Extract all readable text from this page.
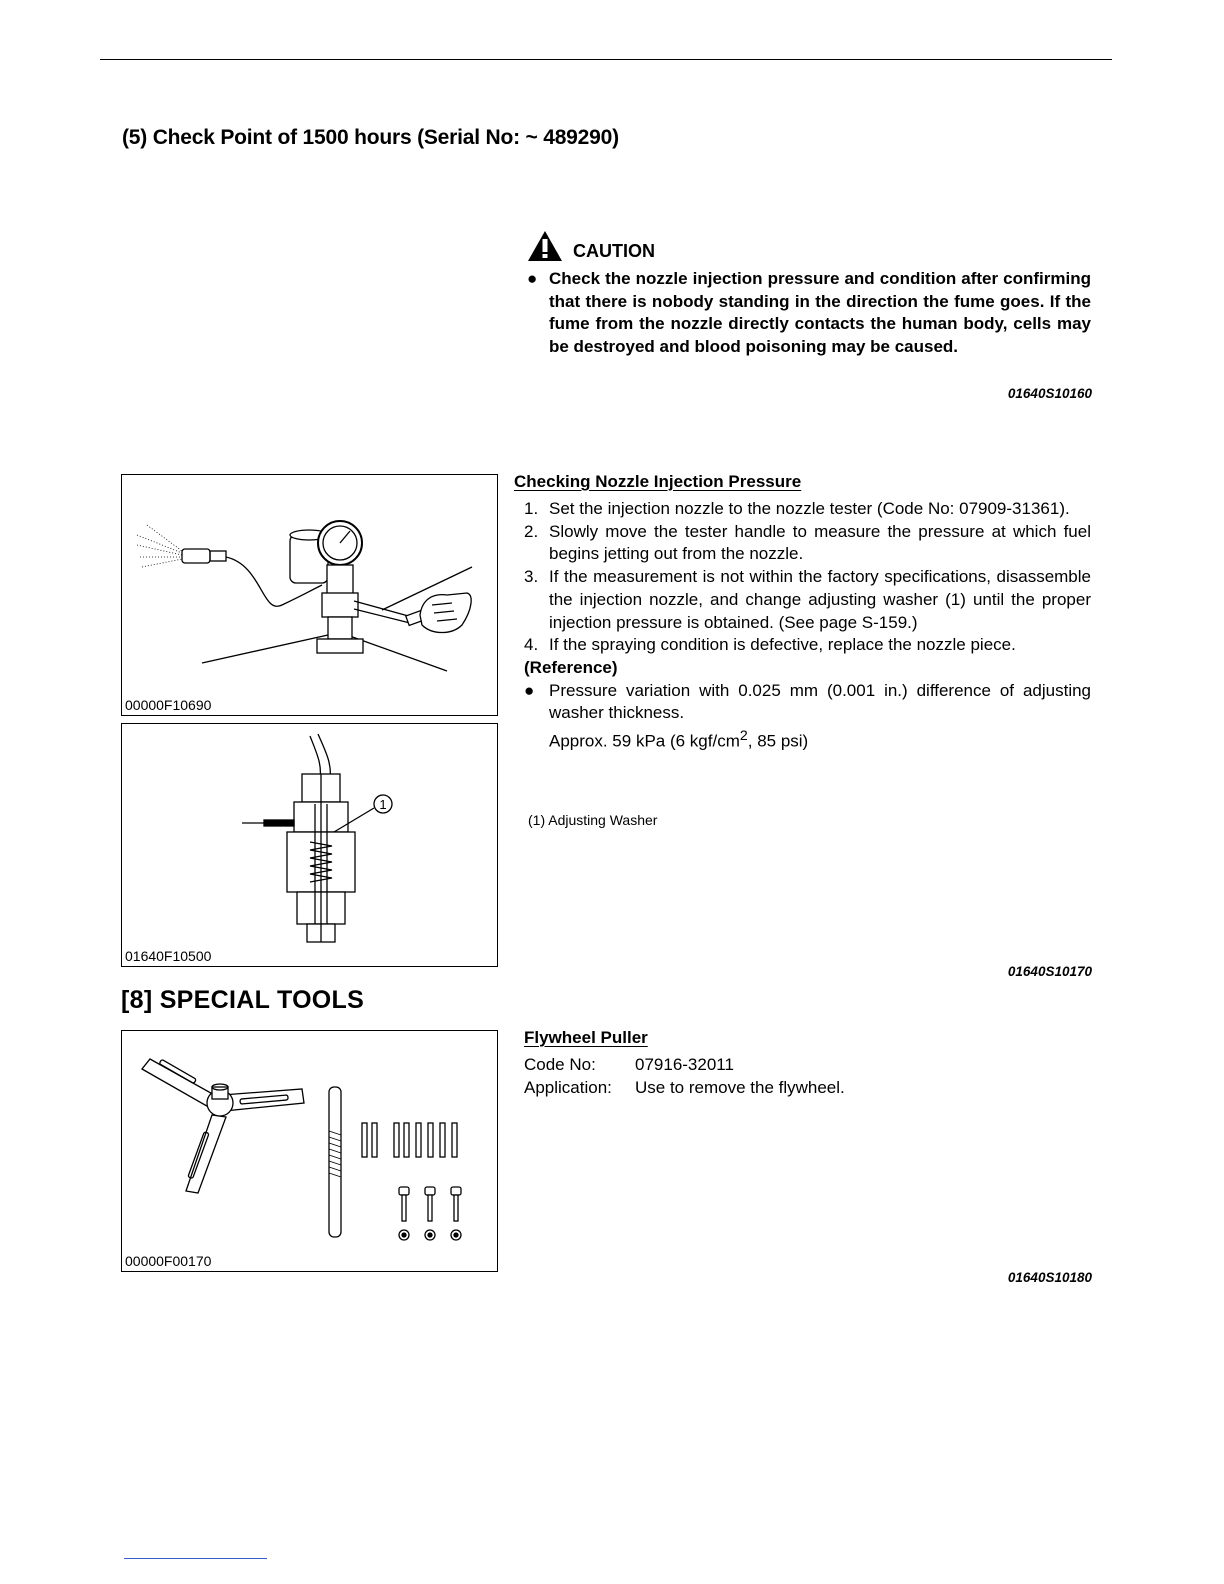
(5) Check Point of 1500 hours (Serial No: ~ 489290)
CAUTION
● Check the nozzle injection pressure and condition after confirming that there is nobody standing in the direction the fume goes. If the fume from the nozzle directly contacts the human body, cells may be destroyed and blood poisoning may be caused.
01640S10160
00000F10690
1
01640F10500
Checking Nozzle Injection Pressure
1. Set the injection nozzle to the nozzle tester (Code No: 07909-31361).
2. Slowly move the tester handle to measure the pressure at which fuel begins jetting out from the nozzle.
3. If the measurement is not within the factory specifications, disassemble the injection nozzle, and change adjusting washer (1) until the proper injection pressure is obtained. (See page S-159.)
4. If the spraying condition is defective, replace the nozzle piece.
(Reference)
● Pressure variation with 0.025 mm (0.001 in.) difference of adjusting washer thickness.
Approx. 59 kPa (6 kgf/$cm^2$, 85 psi)
(1) Adjusting Washer
01640S10170
[8] SPECIAL TOOLS
00000F00170
Flywheel Puller
Code No:	07916-32011
Application:	Use to remove the flywheel.
01640S10180
